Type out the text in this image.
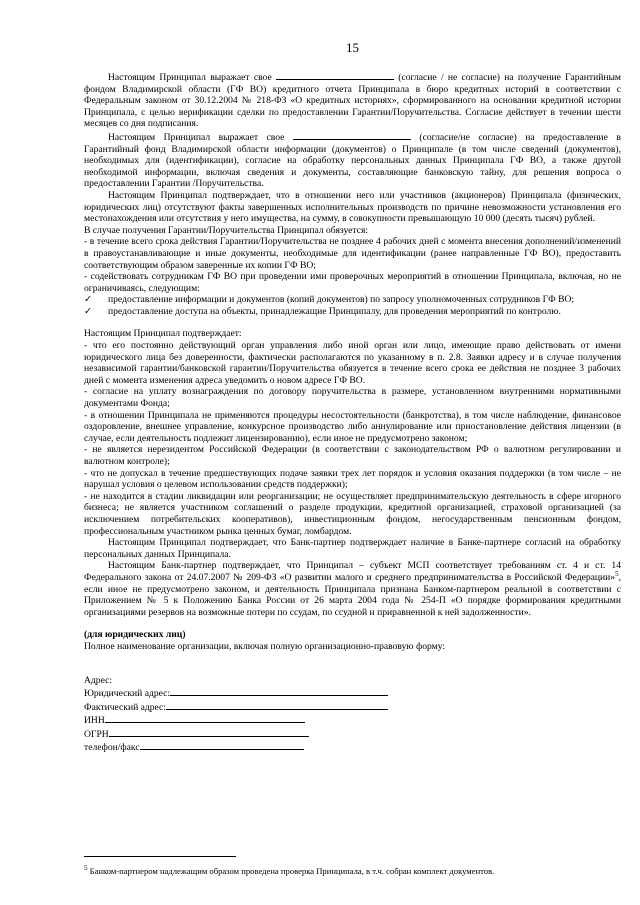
15

Настоящим Принципал выражает свое	(согласие / не согласие) на получение Гарантийным фондом Владимирской области (ГФ ВО) кредитного отчета Принципала в бюро кредитных историй в соответствии с Федеральным законом от 30.12.2004 № 218-ФЗ «О кредитных историях», сформированного на основании кредитной истории Принципала, с целью верификации сделки по предоставлении Гарантии/Поручительства. Согласие действует в течении шести месяцев со дня подписания.

Настоящим Принципал выражает свое	(согласие/не согласие) на предоставление в Гарантийный фонд Владимирской области информации (документов) о Принципале (в том числе сведений (документов), необходимых для (идентификации), согласие на обработку персональных данных Принципала ГФ ВО, а также другой необходимой информации, включая сведения и документы, составляющие банковскую тайну, для решения вопроса о предоставлении Гарантии /Поручительства.

Настоящим Принципал подтверждает, что в отношении него или участников (акционеров) Принципала (физических, юридических лиц) отсутствуют факты завершенных исполнительных производств по причине невозможности установления его местонахождения или отсутствия у него имущества, на сумму, в совокупности превышающую 10 000 (десять тысяч) рублей.

В случае получения Гарантии/Поручительства Принципал обязуется:

- в течение всего срока действия Гарантии/Поручительства не позднее 4 рабочих дней с момента внесения дополнений/изменений в правоустанавливающие и иные документы, необходимые для идентификации (ранее направленные ГФ ВО), предоставить соответствующим образом заверенные их копии ГФ ВО;

- содействовать сотрудникам ГФ ВО при проведении ими проверочных мероприятий в отношении Принципала, включая, но не ограничиваясь, следующим:

✓	предоставление информации и документов (копий документов) по запросу уполномоченных сотрудников ГФ ВО;
✓	предоставление доступа на объекты, принадлежащие Принципалу, для проведения мероприятий по контролю.

Настоящим Принципал подтверждает:

- что его постоянно действующий орган управления либо иной орган или лицо, имеющие право действовать от имени юридического лица без доверенности, фактически располагаются по указанному в п. 2.8. Заявки адресу и в случае получения независимой гарантии/банковской гарантии/Поручительства обязуется в течение всего срока ее действия не позднее 3 рабочих дней с момента изменения адреса уведомить о новом адресе ГФ ВО.

- согласие на уплату вознаграждения по договору поручительства в размере, установленном внутренними нормативными документами Фонда;

- в отношении Принципала не применяются процедуры несостоятельности (банкротства), в том числе наблюдение, финансовое оздоровление, внешнее управление, конкурсное производство либо аннулирование или приостановление действия лицензии (в случае, если деятельность подлежит лицензированию), если иное не предусмотрено законом;

- не является нерезидентом Российской Федерации (в соответствии с законодательством РФ о валютном регулировании и валютном контроле);

- что не допускал в течение предшествующих подаче заявки трех лет порядок и условия оказания поддержки (в том числе – не нарушал условия о целевом использовании средств поддержки);

- не находится в стадии ликвидации или реорганизации; не осуществляет предпринимательскую деятельность в сфере игорного бизнеса; не является участником соглашений о разделе продукции, кредитной организацией, страховой организацией (за исключением потребительских кооперативов), инвестиционным фондом, негосударственным пенсионным фондом, профессиональным участником рынка ценных бумаг, ломбардом.

Настоящим Принципал подтверждает, что Банк-партнер подтверждает наличие в Банке-партнере согласий на обработку персональных данных Принципала.

Настоящим Банк-партнер подтверждает, что Принципал – субъект МСП соответствует требованиям ст. 4 и ст. 14 Федерального закона от 24.07.2007 № 209-ФЗ «О развитии малого и среднего предпринимательства в Российской Федерации»$^5$, если иное не предусмотрено законом, и деятельность Принципала признана Банком-партнером реальной в соответствии с Приложением № 5 к Положению Банка России от 26 марта 2004 года № 254-П «О порядке формирования кредитными организациями резервов на возможные потери по ссудам, по ссудной и приравненной к ней задолженности».

(для юридических лиц)

Полное наименование организации, включая полную организационно-правовую форму:

Адрес:
Юридический адрес:
Фактический адрес:
ИНН
ОГРН
телефон/факс
$^5$ Банком-партнером надлежащим образом проведена проверка Принципала, в т.ч. собран комплект документов.
